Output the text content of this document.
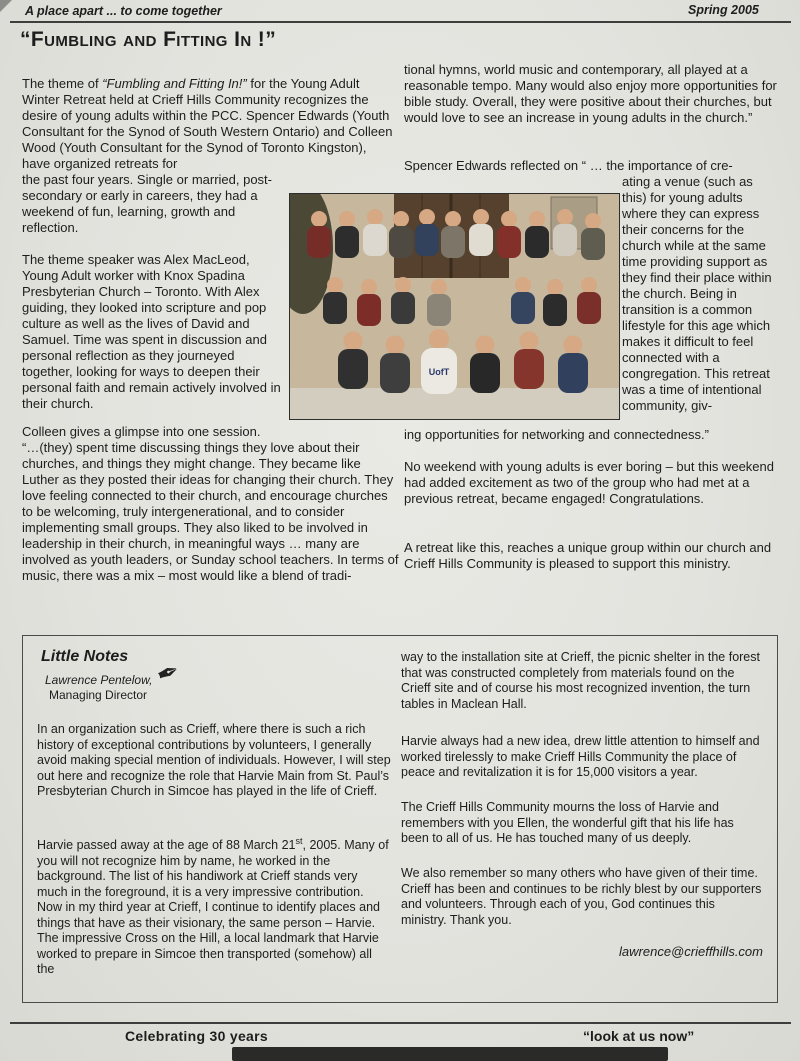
A place apart ... to come together	Spring 2005
“Fumbling and Fitting In !”

The theme of “Fumbling and Fitting In!” for the Young Adult Winter Retreat held at Crieff Hills Community recognizes the desire of young adults within the PCC. Spencer Edwards (Youth Consultant for the Synod of South Western Ontario) and Colleen Wood (Youth Consultant for the Synod of Toronto Kingston), have organized retreats for

the past four years. Single or married, post-secondary or early in careers, they had a weekend of fun, learning, growth and reflection.

The theme speaker was Alex MacLeod, Young Adult worker with Knox Spadina Presbyterian Church – Toronto. With Alex guiding, they looked into scripture and pop culture as well as the lives of David and Samuel. Time was spent in discussion and personal reflection as they journeyed together, looking for ways to deepen their personal faith and remain actively involved in their church.

Colleen gives a glimpse into one session.

“…(they) spent time discussing things they love about their churches, and things they might change. They became like Luther as they posted their ideas for changing their church. They love feeling connected to their church, and encourage churches to be welcoming, truly intergenerational, and to consider implementing small groups. They also liked to be involved in leadership in their church, in meaningful ways … many are involved as youth leaders, or Sunday school teachers. In terms of music, there was a mix – most would like a blend of tradi-

tional hymns, world music and contemporary, all played at a reasonable tempo. Many would also enjoy more opportunities for bible study. Overall, they were positive about their churches, but would love to see an increase in young adults in the church.”

Spencer Edwards reflected on “ … the importance of cre-

ating a venue (such as this) for young adults where they can express their concerns for the church while at the same time providing support as they find their place within the church. Being in transition is a common lifestyle for this age which makes it difficult to feel connected with a congregation. This retreat was a time of intentional community, giv-

ing opportunities for networking and connectedness.”

No weekend with young adults is ever boring – but this weekend had added excitement as two of the group who had met at a previous retreat, became engaged! Congratulations.

A retreat like this, reaches a unique group within our church and Crieff Hills Community is pleased to support this ministry.

UofT
Little Notes
Lawrence Pentelow,
Managing Director
✒

In an organization such as Crieff, where there is such a rich history of exceptional contributions by volunteers, I generally avoid making special mention of individuals. However, I will step out here and recognize the role that Harvie Main from St. Paul’s Presbyterian Church in Simcoe has played in the life of Crieff.

Harvie passed away at the age of 88 March 21st, 2005. Many of you will not recognize him by name, he worked in the background. The list of his handiwork at Crieff stands very much in the foreground, it is a very impressive contribution. Now in my third year at Crieff, I continue to identify places and things that have as their visionary, the same person – Harvie. The impressive Cross on the Hill, a local landmark that Harvie worked to prepare in Simcoe then transported (somehow) all the

way to the installation site at Crieff, the picnic shelter in the forest that was constructed completely from materials found on the Crieff site and of course his most recognized invention, the turn tables in Maclean Hall.

Harvie always had a new idea, drew little attention to himself and worked tirelessly to make Crieff Hills Community the place of peace and revitalization it is for 15,000 visitors a year.

The Crieff Hills Community mourns the loss of Harvie and remembers with you Ellen, the wonderful gift that his life has been to all of us. He has touched many of us deeply.

We also remember so many others who have given of their time. Crieff has been and continues to be richly blest by our supporters and volunteers. Through each of you, God continues this ministry. Thank you.

lawrence@crieffhills.com
Celebrating 30 years	“look at us now”
